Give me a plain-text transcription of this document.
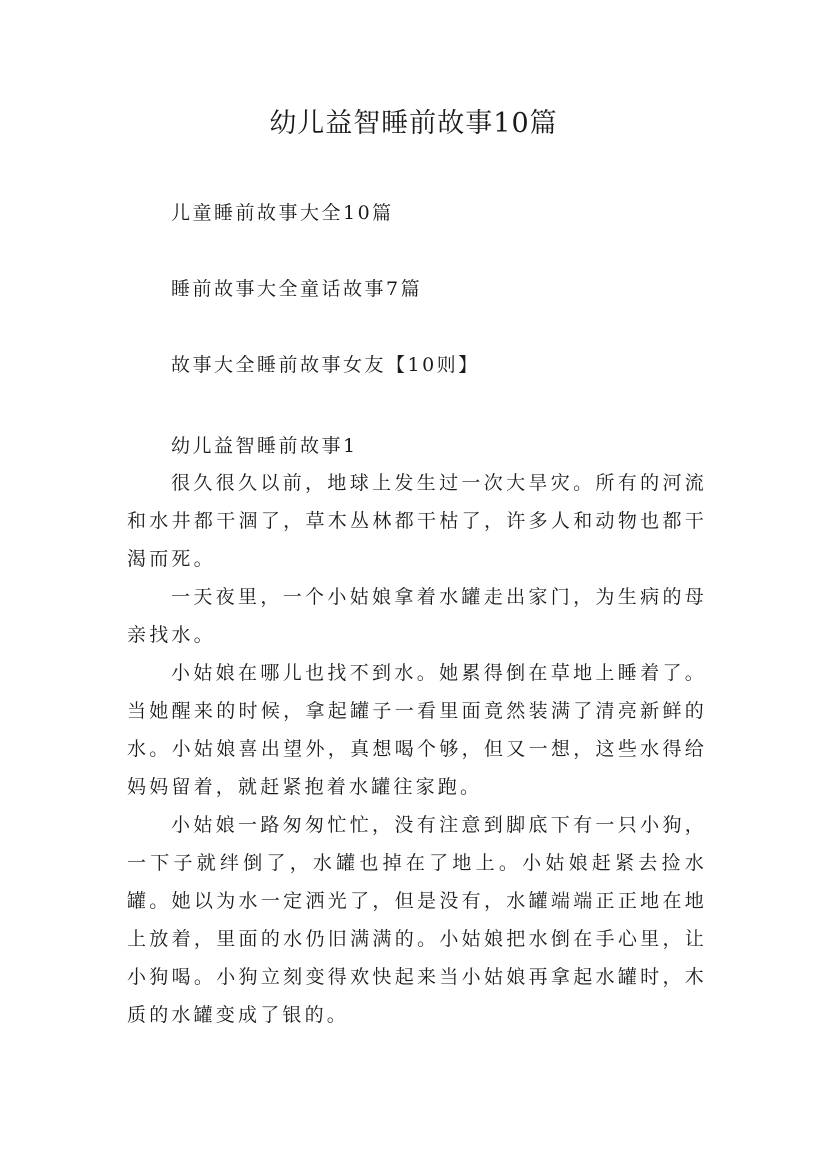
幼儿益智睡前故事10篇
儿童睡前故事大全10篇
睡前故事大全童话故事7篇
故事大全睡前故事女友【10则】
幼儿益智睡前故事1

很久很久以前，地球上发生过一次大旱灾。所有的河流和水井都干涸了，草木丛林都干枯了，许多人和动物也都干渴而死。

一天夜里，一个小姑娘拿着水罐走出家门，为生病的母亲找水。

小姑娘在哪儿也找不到水。她累得倒在草地上睡着了。当她醒来的时候，拿起罐子一看里面竟然装满了清亮新鲜的水。小姑娘喜出望外，真想喝个够，但又一想，这些水得给妈妈留着，就赶紧抱着水罐往家跑。

小姑娘一路匆匆忙忙，没有注意到脚底下有一只小狗，一下子就绊倒了，水罐也掉在了地上。小姑娘赶紧去捡水罐。她以为水一定洒光了，但是没有，水罐端端正正地在地上放着，里面的水仍旧满满的。小姑娘把水倒在手心里，让小狗喝。小狗立刻变得欢快起来当小姑娘再拿起水罐时，木质的水罐变成了银的。
